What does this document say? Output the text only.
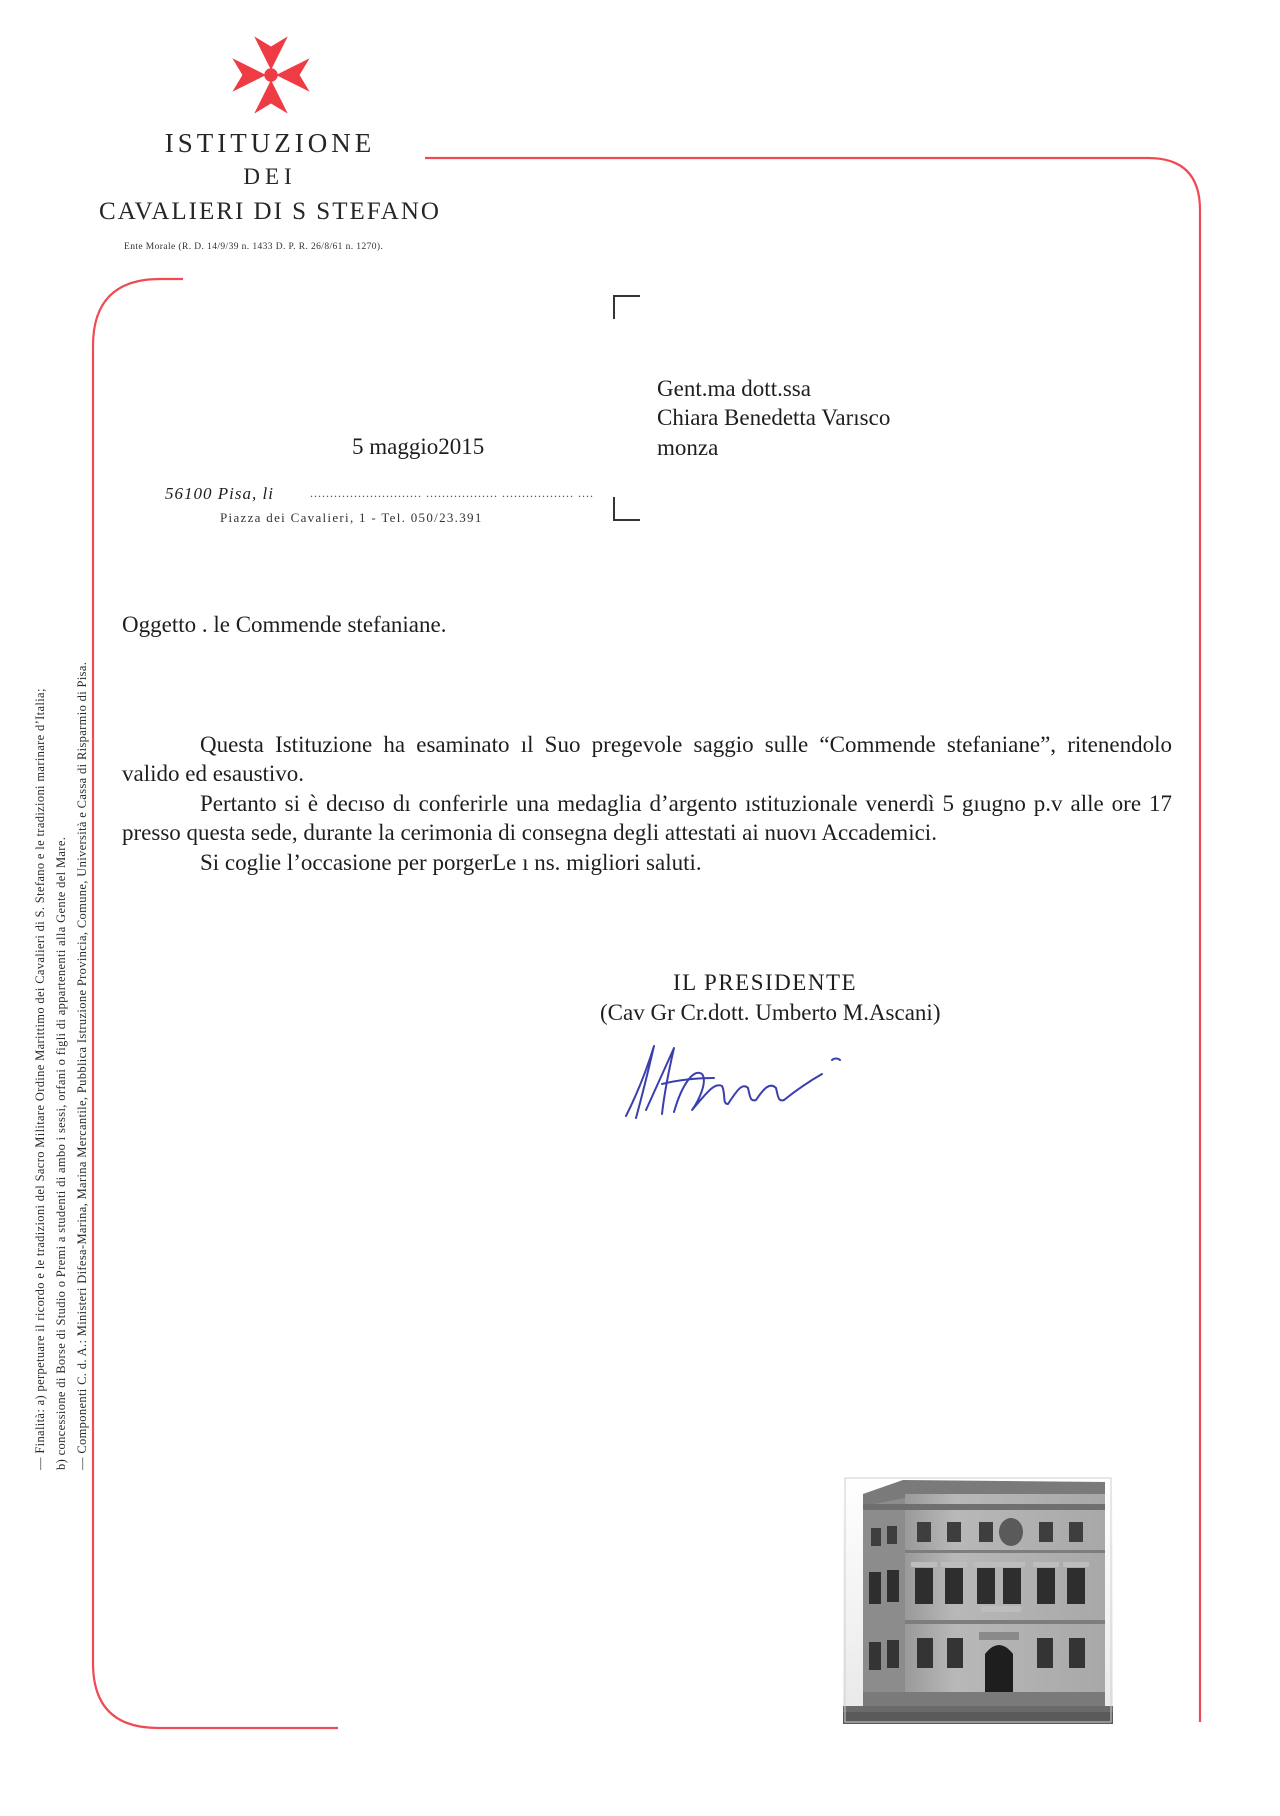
ISTITUZIONE
DEI
CAVALIERI DI S STEFANO
Ente Morale (R. D. 14/9/39 n. 1433 D. P. R. 26/8/61 n. 1270).
5 maggio2015
56100 Pisa, li	............................ .................. .................. ....
Piazza dei Cavalieri, 1 - Tel. 050/23.391
Gent.ma dott.ssa
Chiara Benedetta Varısco
monza
Oggetto . le Commende stefaniane.
Questa Istituzione ha esaminato ıl Suo pregevole saggio sulle “Commende stefaniane”, ritenendolo valido ed esaustivo.
Pertanto si è decıso dı conferirle una medaglia d’argento ıstituzionale venerdì 5 gıugno p.v alle ore 17 presso questa sede, durante la cerimonia di consegna degli attestati ai nuovı Accademici.
Si coglie l’occasione per porgerLe ı ns. migliori saluti.
IL PRESIDENTE
(Cav Gr Cr.dott. Umberto M.Ascani)
— Finalità: a) perpetuare il ricordo e le tradizioni del Sacro Militare Ordine Marittimo dei Cavalieri di S. Stefano e le tradizioni marinare d’Italia; b) concessione di Borse di Studio o Premi a studenti di ambo i sessi, orfani o figli di appartenenti alla Gente del Mare. — Componenti C. d. A.: Ministeri Difesa-Marina, Marina Mercantile, Pubblica Istruzione Provincia, Comune, Università e Cassa di Risparmio di Pisa.
